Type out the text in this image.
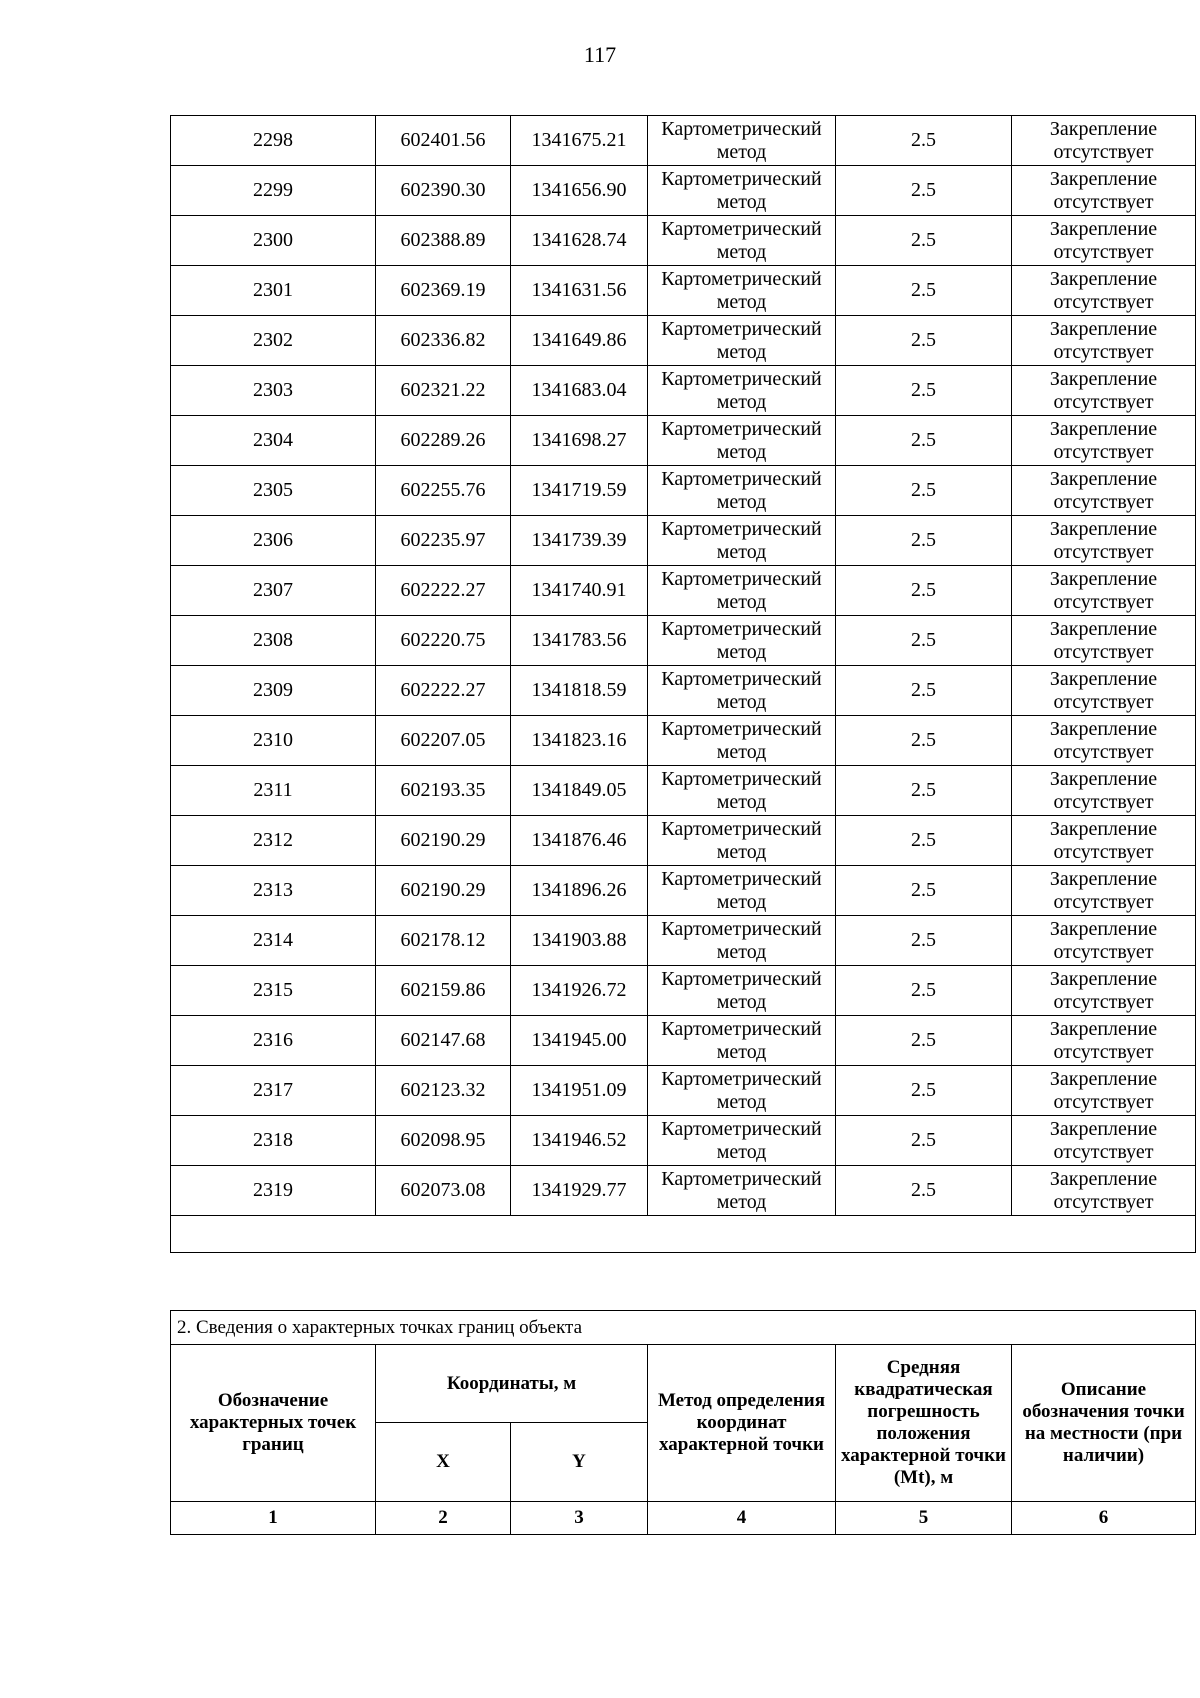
117
2298	602401.56	1341675.21	Картометрический метод	2.5	Закрепление отсутствует
2299	602390.30	1341656.90	Картометрический метод	2.5	Закрепление отсутствует
2300	602388.89	1341628.74	Картометрический метод	2.5	Закрепление отсутствует
2301	602369.19	1341631.56	Картометрический метод	2.5	Закрепление отсутствует
2302	602336.82	1341649.86	Картометрический метод	2.5	Закрепление отсутствует
2303	602321.22	1341683.04	Картометрический метод	2.5	Закрепление отсутствует
2304	602289.26	1341698.27	Картометрический метод	2.5	Закрепление отсутствует
2305	602255.76	1341719.59	Картометрический метод	2.5	Закрепление отсутствует
2306	602235.97	1341739.39	Картометрический метод	2.5	Закрепление отсутствует
2307	602222.27	1341740.91	Картометрический метод	2.5	Закрепление отсутствует
2308	602220.75	1341783.56	Картометрический метод	2.5	Закрепление отсутствует
2309	602222.27	1341818.59	Картометрический метод	2.5	Закрепление отсутствует
2310	602207.05	1341823.16	Картометрический метод	2.5	Закрепление отсутствует
2311	602193.35	1341849.05	Картометрический метод	2.5	Закрепление отсутствует
2312	602190.29	1341876.46	Картометрический метод	2.5	Закрепление отсутствует
2313	602190.29	1341896.26	Картометрический метод	2.5	Закрепление отсутствует
2314	602178.12	1341903.88	Картометрический метод	2.5	Закрепление отсутствует
2315	602159.86	1341926.72	Картометрический метод	2.5	Закрепление отсутствует
2316	602147.68	1341945.00	Картометрический метод	2.5	Закрепление отсутствует
2317	602123.32	1341951.09	Картометрический метод	2.5	Закрепление отсутствует
2318	602098.95	1341946.52	Картометрический метод	2.5	Закрепление отсутствует
2319	602073.08	1341929.77	Картометрический метод	2.5	Закрепление отсутствует

2. Сведения о характерных точках границ объекта					
Обозначение характерных точек границ	Координаты, м		Метод определения координат характерной точки	Средняя квадратическая погрешность положения характерной точки (Mt), м	Описание обозначения точки на местности (при наличии)
	X	Y			
1	2	3	4	5	6
